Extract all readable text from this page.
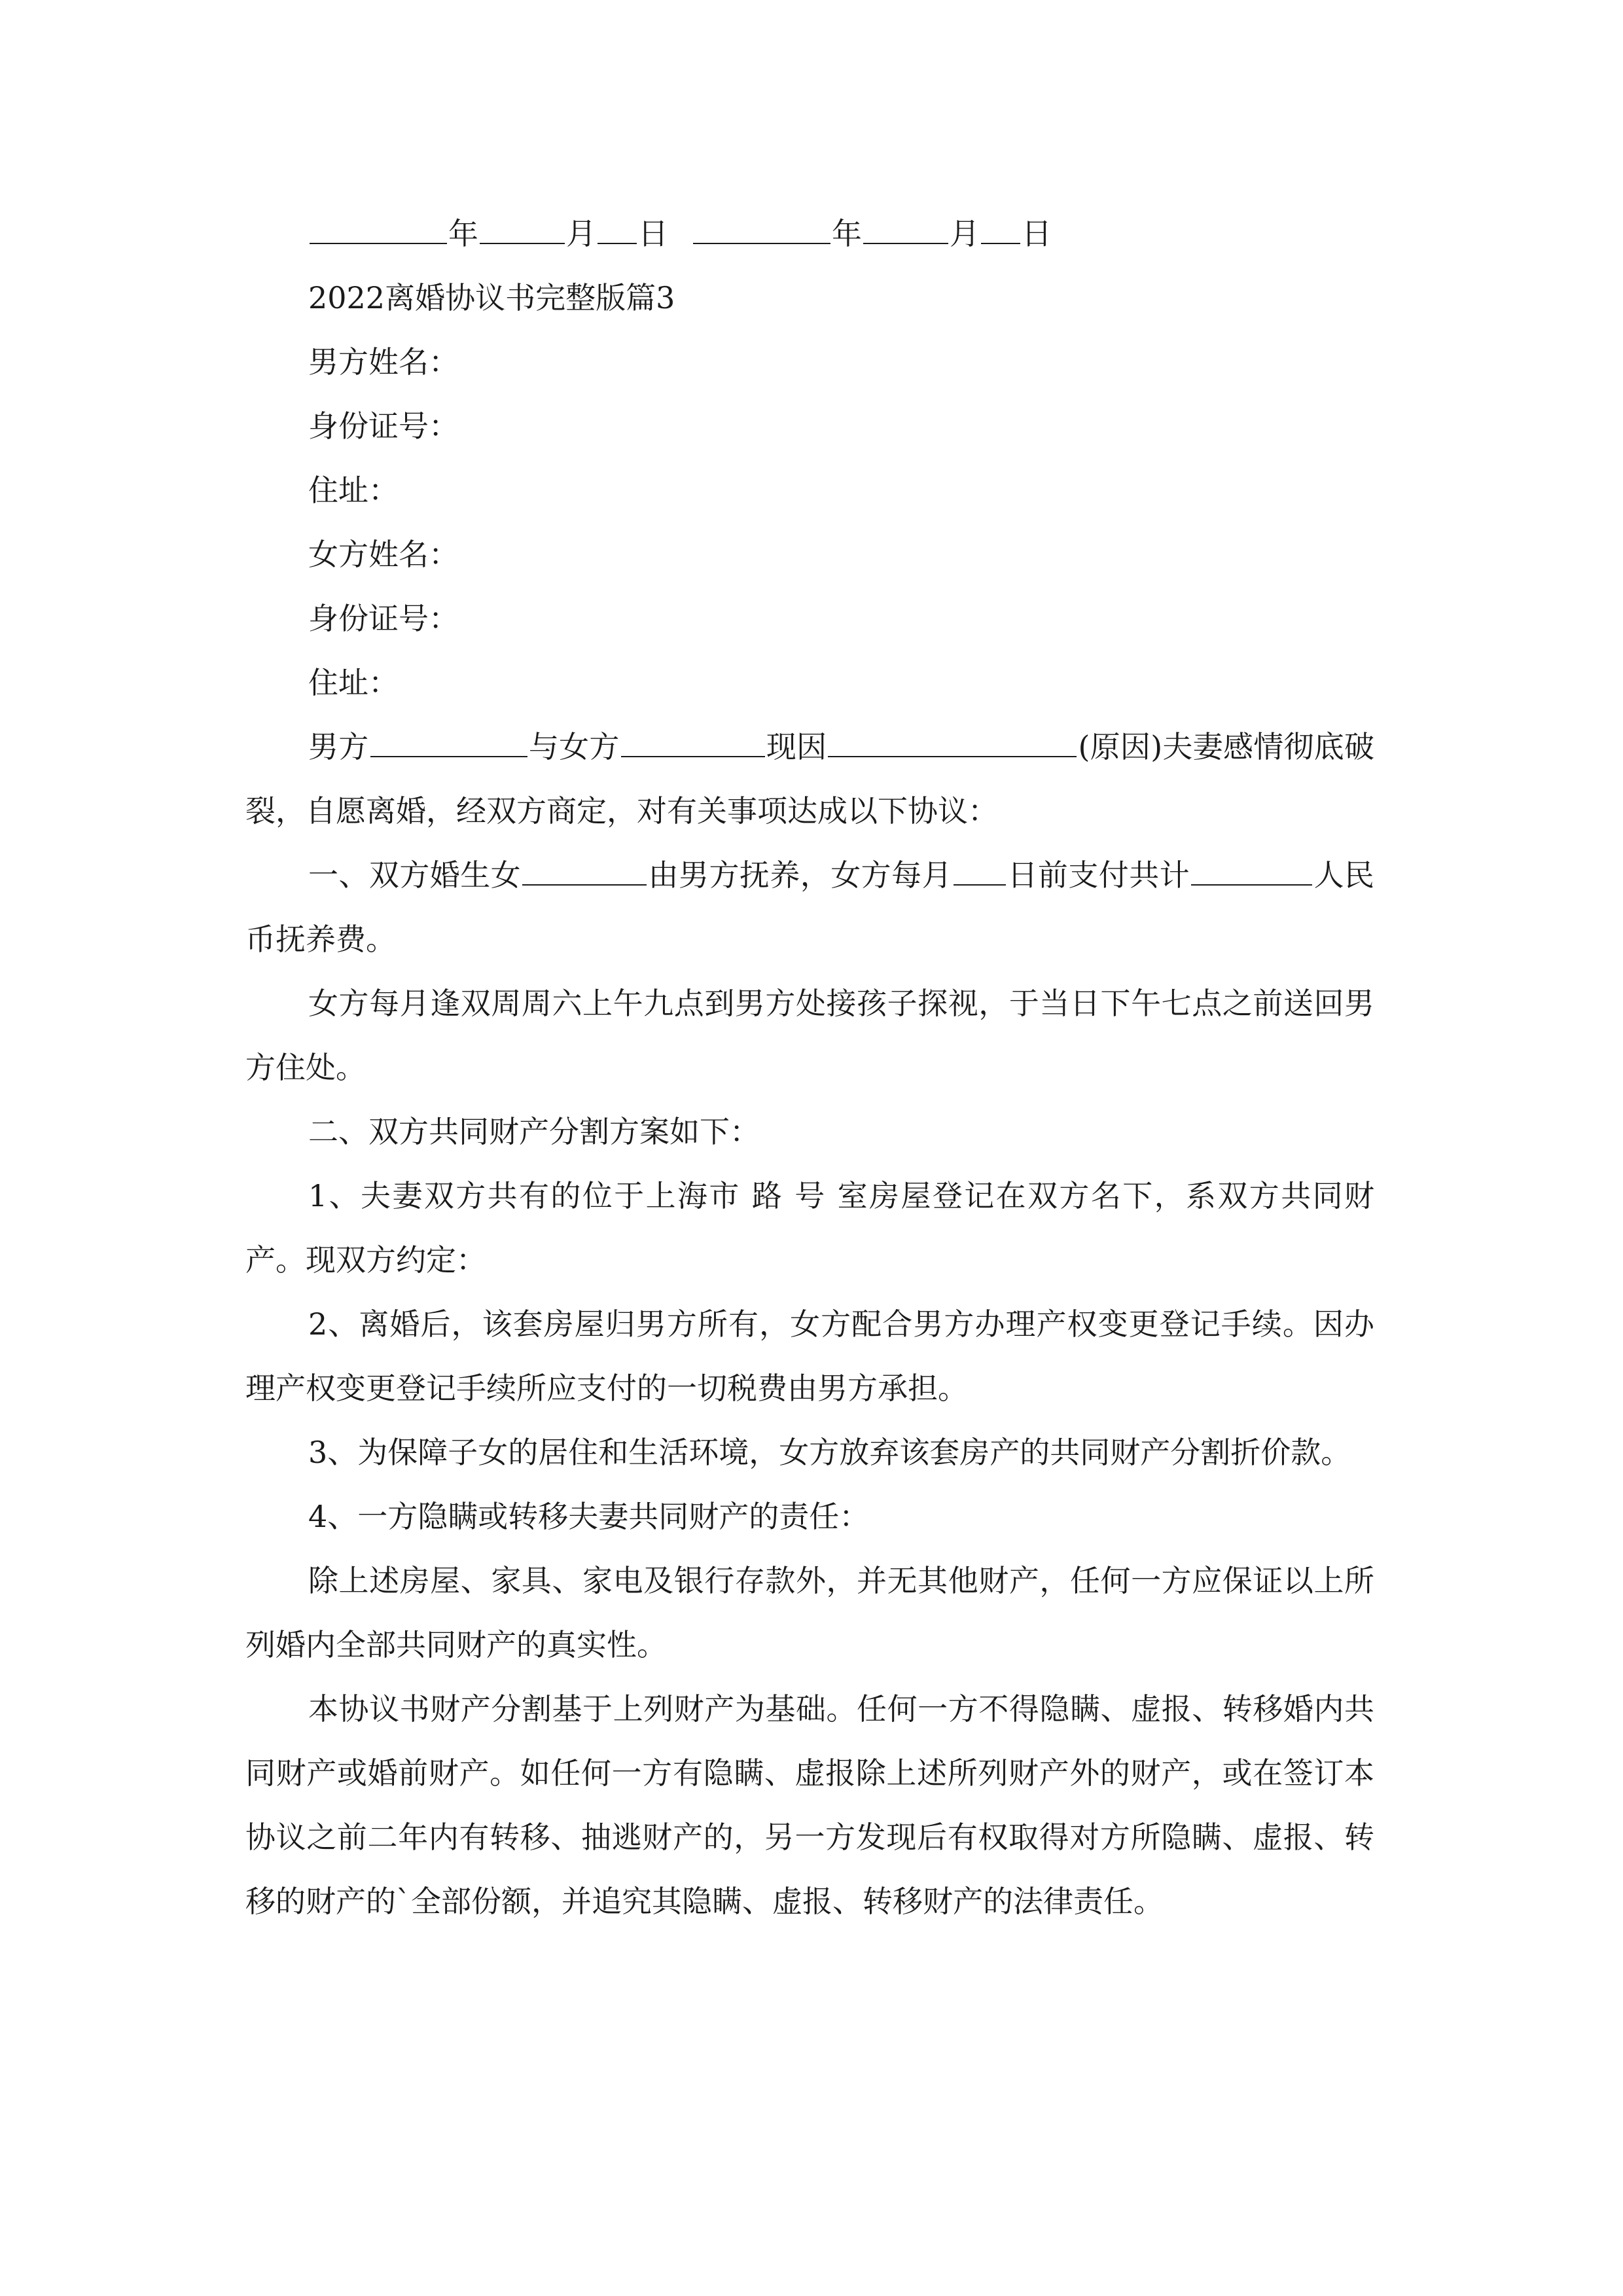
年	月 日	年	月 日
2022离婚协议书完整版篇3
男方姓名：
身份证号：
住址：
女方姓名：
身份证号：
住址：

男方	与女方	现因	(原因)夫妻感情彻底破裂，自愿离婚，经双方商定，对有关事项达成以下协议：

一、双方婚生女	由男方抚养，女方每月 日前支付共计	人民币抚养费。

女方每月逢双周周六上午九点到男方处接孩子探视，于当日下午七点之前送回男方住处。

二、双方共同财产分割方案如下：

1、夫妻双方共有的位于上海市 路 号 室房屋登记在双方名下，系双方共同财产。现双方约定：

2、离婚后，该套房屋归男方所有，女方配合男方办理产权变更登记手续。因办理产权变更登记手续所应支付的一切税费由男方承担。

3、为保障子女的居住和生活环境，女方放弃该套房产的共同财产分割折价款。

4、一方隐瞒或转移夫妻共同财产的责任：

除上述房屋、家具、家电及银行存款外，并无其他财产，任何一方应保证以上所列婚内全部共同财产的真实性。

本协议书财产分割基于上列财产为基础。任何一方不得隐瞒、虚报、转移婚内共同财产或婚前财产。如任何一方有隐瞒、虚报除上述所列财产外的财产，或在签订本协议之前二年内有转移、抽逃财产的，另一方发现后有权取得对方所隐瞒、虚报、转移的财产的`全部份额，并追究其隐瞒、虚报、转移财产的法律责任。
